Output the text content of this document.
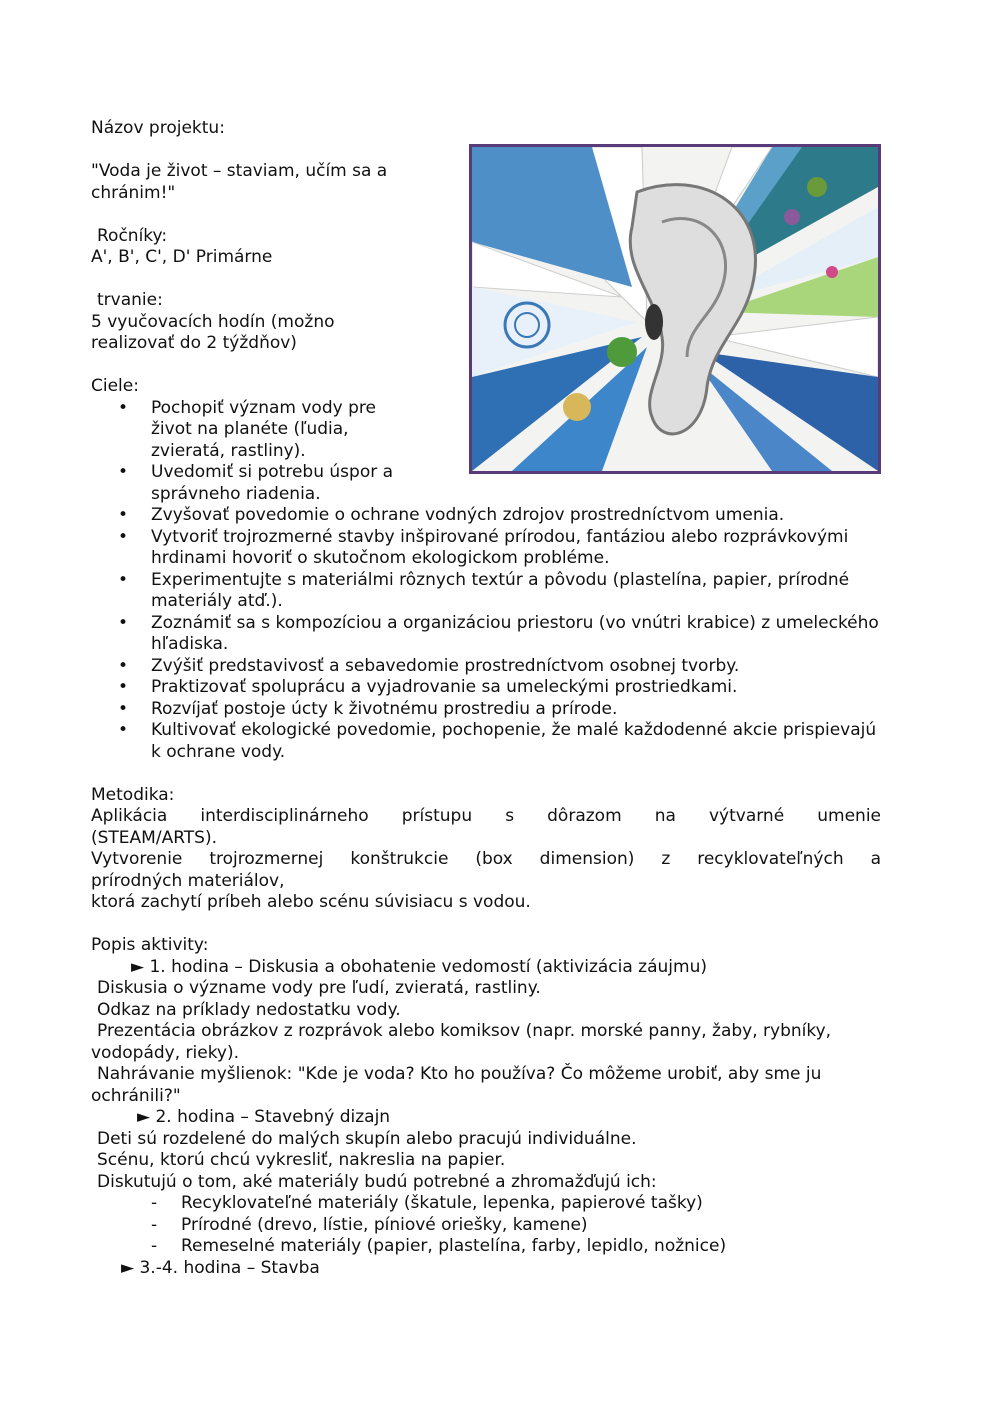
Názov projektu:

"Voda je život – staviam, učím sa a chránim!"

Ročníky:

A', B', C', D' Primárne

trvanie:

5 vyučovacích hodín (možno realizovať do 2 týždňov)

Ciele:

• Pochopiť význam vody pre život na planéte (ľudia, zvieratá, rastliny).
• Uvedomiť si potrebu úspor a správneho riadenia.
• Zvyšovať povedomie o ochrane vodných zdrojov prostredníctvom umenia.
• Vytvoriť trojrozmerné stavby inšpirované prírodou, fantáziou alebo rozprávkovými hrdinami hovoriť o skutočnom ekologickom probléme.
• Experimentujte s materiálmi rôznych textúr a pôvodu (plastelína, papier, prírodné materiály atď.).
• Zoznámiť sa s kompozíciou a organizáciou priestoru (vo vnútri krabice) z umeleckého hľadiska.
• Zvýšiť predstavivosť a sebavedomie prostredníctvom osobnej tvorby.
• Praktizovať spoluprácu a vyjadrovanie sa umeleckými prostriedkami.
• Rozvíjať postoje úcty k životnému prostrediu a prírode.
• Kultivovať ekologické povedomie, pochopenie, že malé každodenné akcie prispievajú k ochrane vody.

Metodika:

Aplikácia interdisciplinárneho prístupu s dôrazom na výtvarné umenie

(STEAM/ARTS).

Vytvorenie trojrozmernej konštrukcie (box dimension) z recyklovateľných a

prírodných materiálov,

ktorá zachytí príbeh alebo scénu súvisiacu s vodou.

Popis aktivity:

► 1. hodina – Diskusia a obohatenie vedomostí (aktivizácia záujmu)

Diskusia o význame vody pre ľudí, zvieratá, rastliny.

Odkaz na príklady nedostatku vody.

Prezentácia obrázkov z rozprávok alebo komiksov (napr. morské panny, žaby, rybníky, vodopády, rieky).

Nahrávanie myšlienok: "Kde je voda? Kto ho používa? Čo môžeme urobiť, aby sme ju ochránili?"

► 2. hodina – Stavebný dizajn

Deti sú rozdelené do malých skupín alebo pracujú individuálne.

Scénu, ktorú chcú vykresliť, nakreslia na papier.

Diskutujú o tom, aké materiály budú potrebné a zhromažďujú ich:

- Recyklovateľné materiály (škatule, lepenka, papierové tašky)
- Prírodné (drevo, lístie, píniové oriešky, kamene)
- Remeselné materiály (papier, plastelína, farby, lepidlo, nožnice)

► 3.-4. hodina – Stavba
